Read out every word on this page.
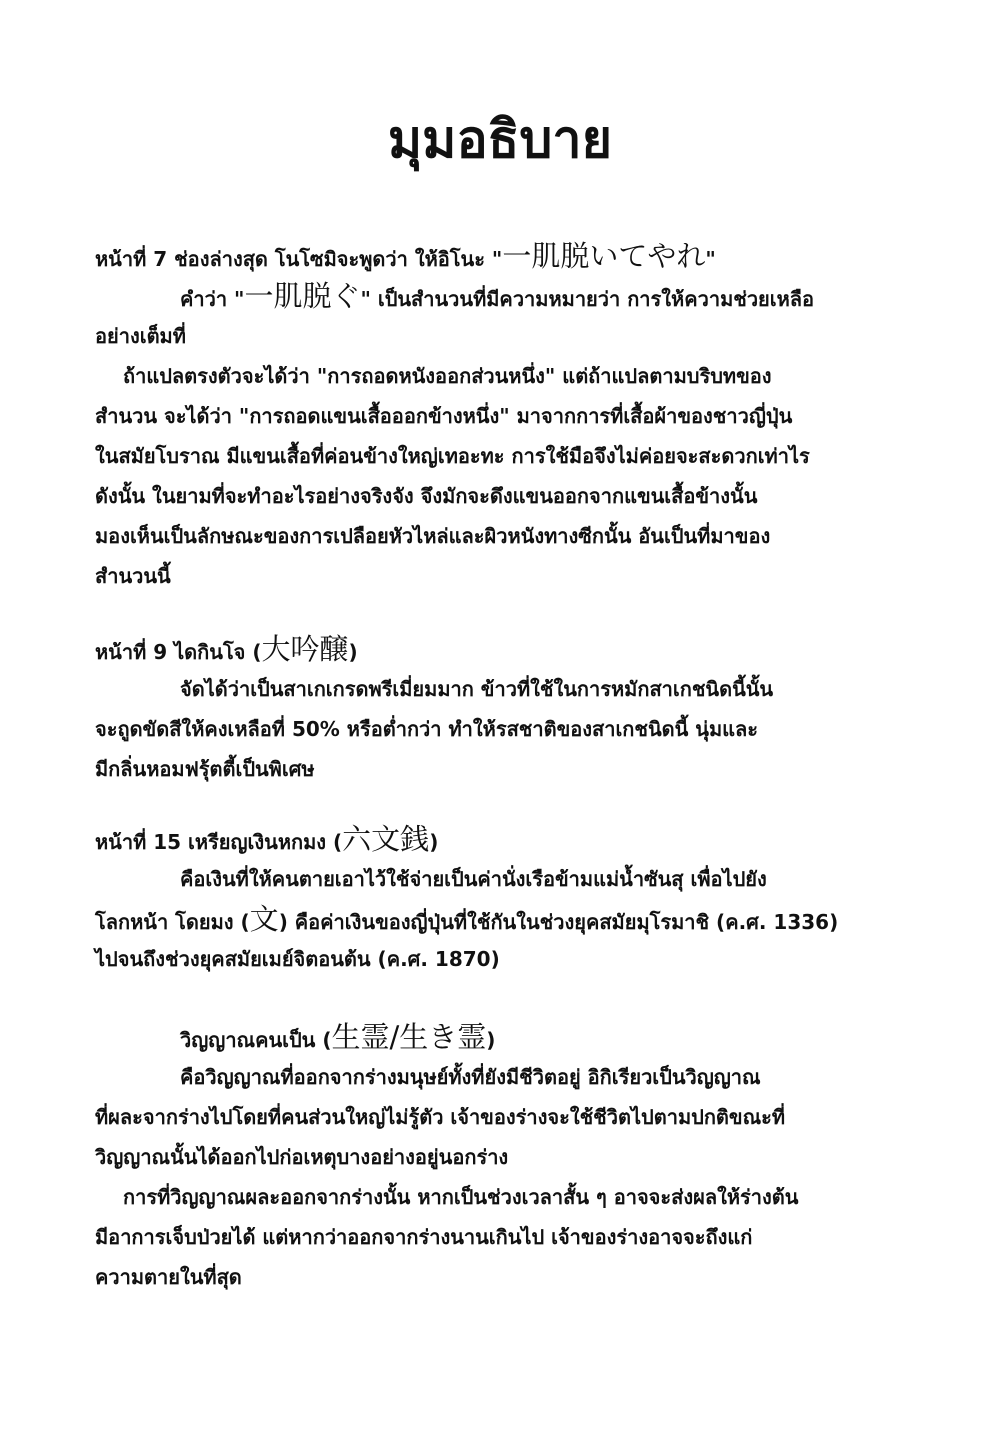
มุมอธิบาย
หน้าที่ 7 ช่องล่างสุด โนโซมิจะพูดว่า ให้อิโนะ "一肌脱いてやれ"
คำว่า "一肌脱ぐ" เป็นสำนวนที่มีความหมายว่า การให้ความช่วยเหลือ
อย่างเต็มที่
ถ้าแปลตรงตัวจะได้ว่า "การถอดหนังออกส่วนหนึ่ง" แต่ถ้าแปลตามบริบทของ
สำนวน จะได้ว่า "การถอดแขนเสื้อออกข้างหนึ่ง" มาจากการที่เสื้อผ้าของชาวญี่ปุ่น
ในสมัยโบราณ มีแขนเสื้อที่ค่อนข้างใหญ่เทอะทะ การใช้มือจึงไม่ค่อยจะสะดวกเท่าไร
ดังนั้น ในยามที่จะทำอะไรอย่างจริงจัง จึงมักจะดึงแขนออกจากแขนเสื้อข้างนั้น
มองเห็นเป็นลักษณะของการเปลือยหัวไหล่และผิวหนังทางซีกนั้น อันเป็นที่มาของ
สำนวนนี้
หน้าที่ 9 ไดกินโจ (大吟醸)
จัดได้ว่าเป็นสาเกเกรดพรีเมี่ยมมาก ข้าวที่ใช้ในการหมักสาเกชนิดนี้นั้น
จะถูดขัดสีให้คงเหลือที่ 50% หรือต่ำกว่า ทำให้รสชาติของสาเกชนิดนี้ นุ่มและ
มีกลิ่นหอมฟรุ้ตตี้เป็นพิเศษ
หน้าที่ 15 เหรียญเงินหกมง (六文銭)
คือเงินที่ให้คนตายเอาไว้ใช้จ่ายเป็นค่านั่งเรือข้ามแม่น้ำซันสุ เพื่อไปยัง
โลกหน้า โดยมง (文) คือค่าเงินของญี่ปุ่นที่ใช้กันในช่วงยุคสมัยมุโรมาชิ (ค.ศ. 1336)
ไปจนถึงช่วงยุคสมัยเมย์จิตอนต้น (ค.ศ. 1870)
วิญญาณคนเป็น (生霊/生き霊)
คือวิญญาณที่ออกจากร่างมนุษย์ทั้งที่ยังมีชีวิตอยู่ อิกิเรียวเป็นวิญญาณ
ที่ผละจากร่างไปโดยที่คนส่วนใหญ่ไม่รู้ตัว เจ้าของร่างจะใช้ชีวิตไปตามปกติขณะที่
วิญญาณนั้นได้ออกไปก่อเหตุบางอย่างอยู่นอกร่าง
การที่วิญญาณผละออกจากร่างนั้น หากเป็นช่วงเวลาสั้น ๆ อาจจะส่งผลให้ร่างต้น
มีอาการเจ็บป่วยได้ แต่หากว่าออกจากร่างนานเกินไป เจ้าของร่างอาจจะถึงแก่
ความตายในที่สุด
